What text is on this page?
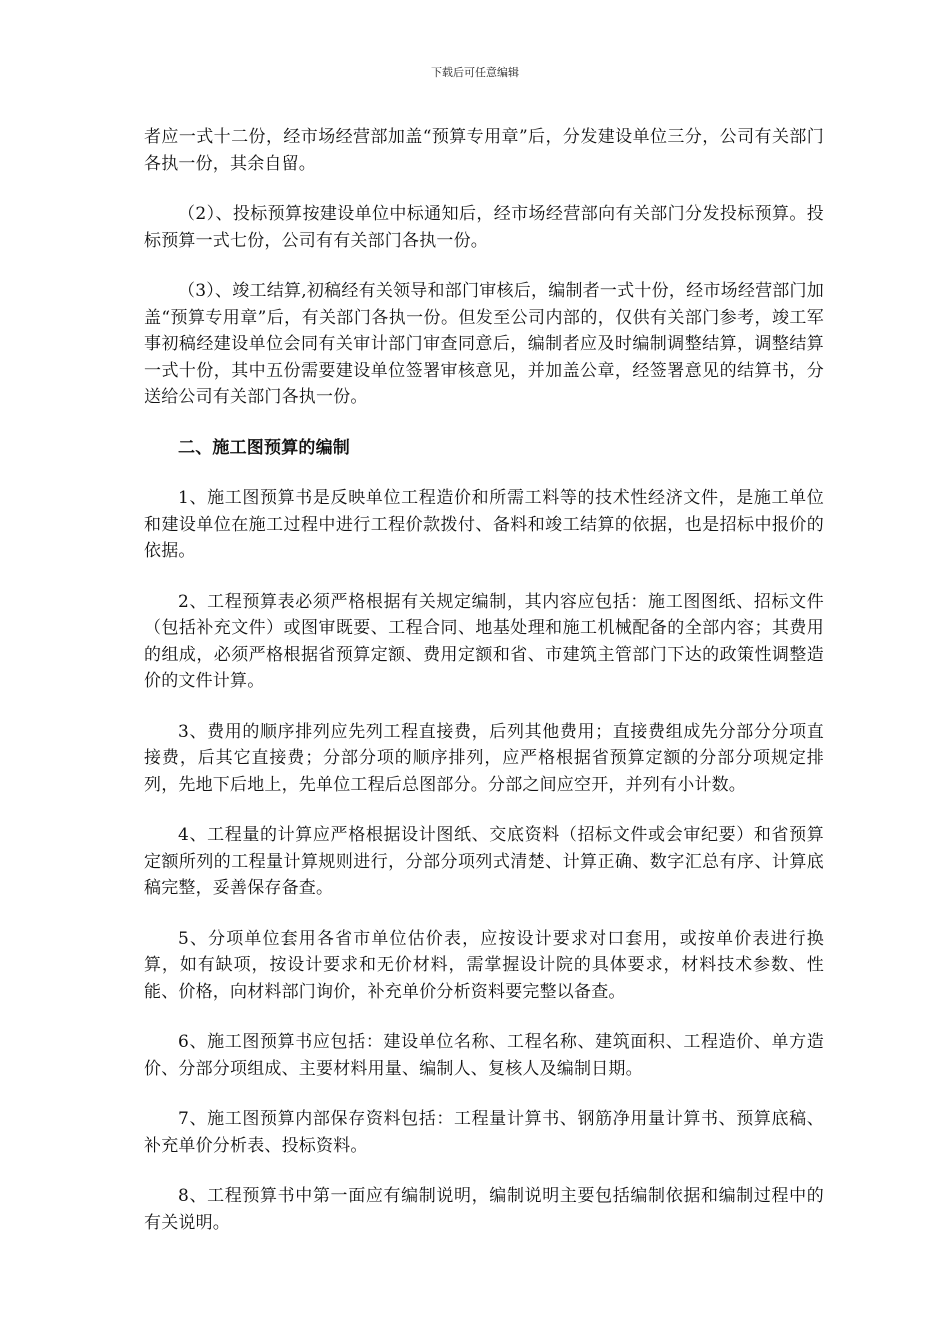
下载后可任意编辑

者应一式十二份，经市场经营部加盖“预算专用章”后，分发建设单位三分，公司有关部门各执一份，其余自留。

（2）、投标预算按建设单位中标通知后，经市场经营部向有关部门分发投标预算。投标预算一式七份，公司有有关部门各执一份。

（3）、竣工结算,初稿经有关领导和部门审核后，编制者一式十份，经市场经营部门加盖“预算专用章”后，有关部门各执一份。但发至公司内部的，仅供有关部门参考，竣工军事初稿经建设单位会同有关审计部门审查同意后，编制者应及时编制调整结算，调整结算一式十份，其中五份需要建设单位签署审核意见，并加盖公章，经签署意见的结算书，分送给公司有关部门各执一份。

二、施工图预算的编制

1、施工图预算书是反映单位工程造价和所需工料等的技术性经济文件，是施工单位和建设单位在施工过程中进行工程价款拨付、备料和竣工结算的依据，也是招标中报价的依据。

2、工程预算表必须严格根据有关规定编制，其内容应包括：施工图图纸、招标文件（包括补充文件）或图审既要、工程合同、地基处理和施工机械配备的全部内容；其费用的组成，必须严格根据省预算定额、费用定额和省、市建筑主管部门下达的政策性调整造价的文件计算。

3、费用的顺序排列应先列工程直接费，后列其他费用；直接费组成先分部分分项直接费，后其它直接费；分部分项的顺序排列，应严格根据省预算定额的分部分项规定排列，先地下后地上，先单位工程后总图部分。分部之间应空开，并列有小计数。

4、工程量的计算应严格根据设计图纸、交底资料（招标文件或会审纪要）和省预算定额所列的工程量计算规则进行，分部分项列式清楚、计算正确、数字汇总有序、计算底稿完整，妥善保存备查。

5、分项单位套用各省市单位估价表，应按设计要求对口套用，或按单价表进行换算，如有缺项，按设计要求和无价材料，需掌握设计院的具体要求，材料技术参数、性能、价格，向材料部门询价，补充单价分析资料要完整以备查。

6、施工图预算书应包括：建设单位名称、工程名称、建筑面积、工程造价、单方造价、分部分项组成、主要材料用量、编制人、复核人及编制日期。

7、施工图预算内部保存资料包括：工程量计算书、钢筋净用量计算书、预算底稿、补充单价分析表、投标资料。

8、工程预算书中第一面应有编制说明，编制说明主要包括编制依据和编制过程中的有关说明。
